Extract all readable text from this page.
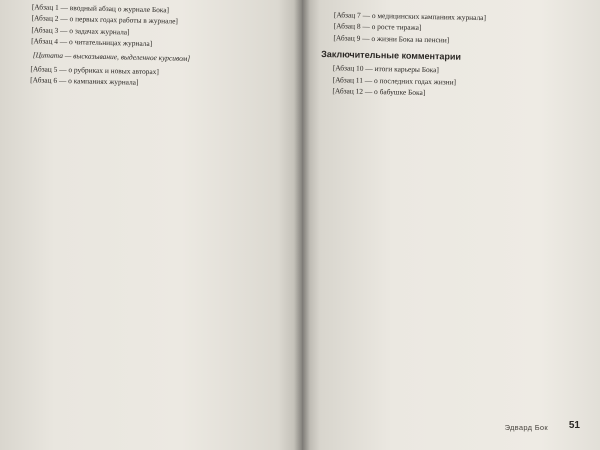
[Абзац 1 — вводный абзац о журнале Бока]

[Абзац 2 — о первых годах работы в журнале]

[Абзац 3 — о задачах журнала]

[Абзац 4 — о читательницах журнала]

[Цитата — высказывание, выделенное курсивом]

[Абзац 5 — о рубриках и новых авторах]

[Абзац 6 — о кампаниях журнала]

[Абзац 7 — о медицинских кампаниях журнала]

[Абзац 8 — о росте тиража]

[Абзац 9 — о жизни Бока на пенсии]

Заключительные комментарии

[Абзац 10 — итоги карьеры Бока]

[Абзац 11 — о последних годах жизни]

[Абзац 12 — о бабушке Бока]

Эдвард Бок 51
